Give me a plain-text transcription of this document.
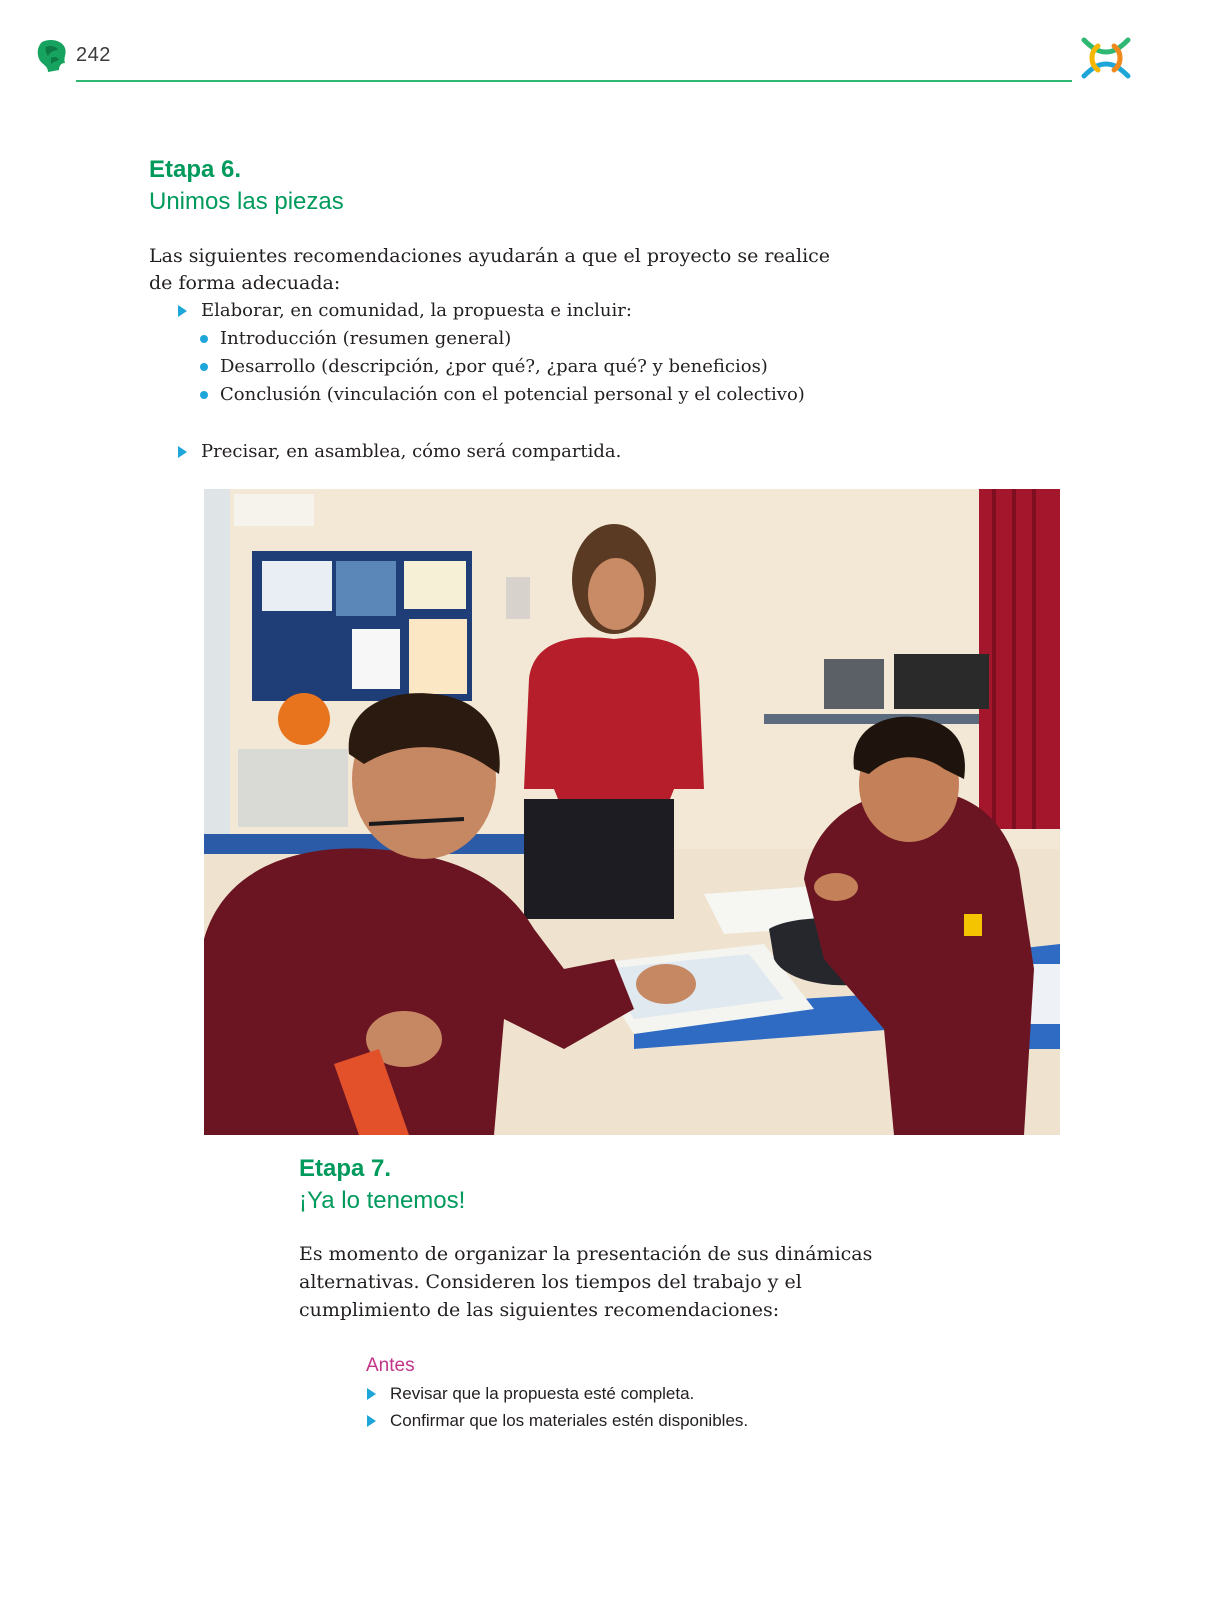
242
Etapa 6.
Unimos las piezas
Las siguientes recomendaciones ayudarán a que el proyecto se realice
de forma adecuada:
Elaborar, en comunidad, la propuesta e incluir:
Introducción (resumen general)
Desarrollo (descripción, ¿por qué?, ¿para qué? y beneficios)
Conclusión (vinculación con el potencial personal y el colectivo)
Precisar, en asamblea, cómo será compartida.
Etapa 7.
¡Ya lo tenemos!
Es momento de organizar la presentación de sus dinámicas
alternativas. Consideren los tiempos del trabajo y el
cumplimiento de las siguientes recomendaciones:
Antes
Revisar que la propuesta esté completa.
Confirmar que los materiales estén disponibles.
